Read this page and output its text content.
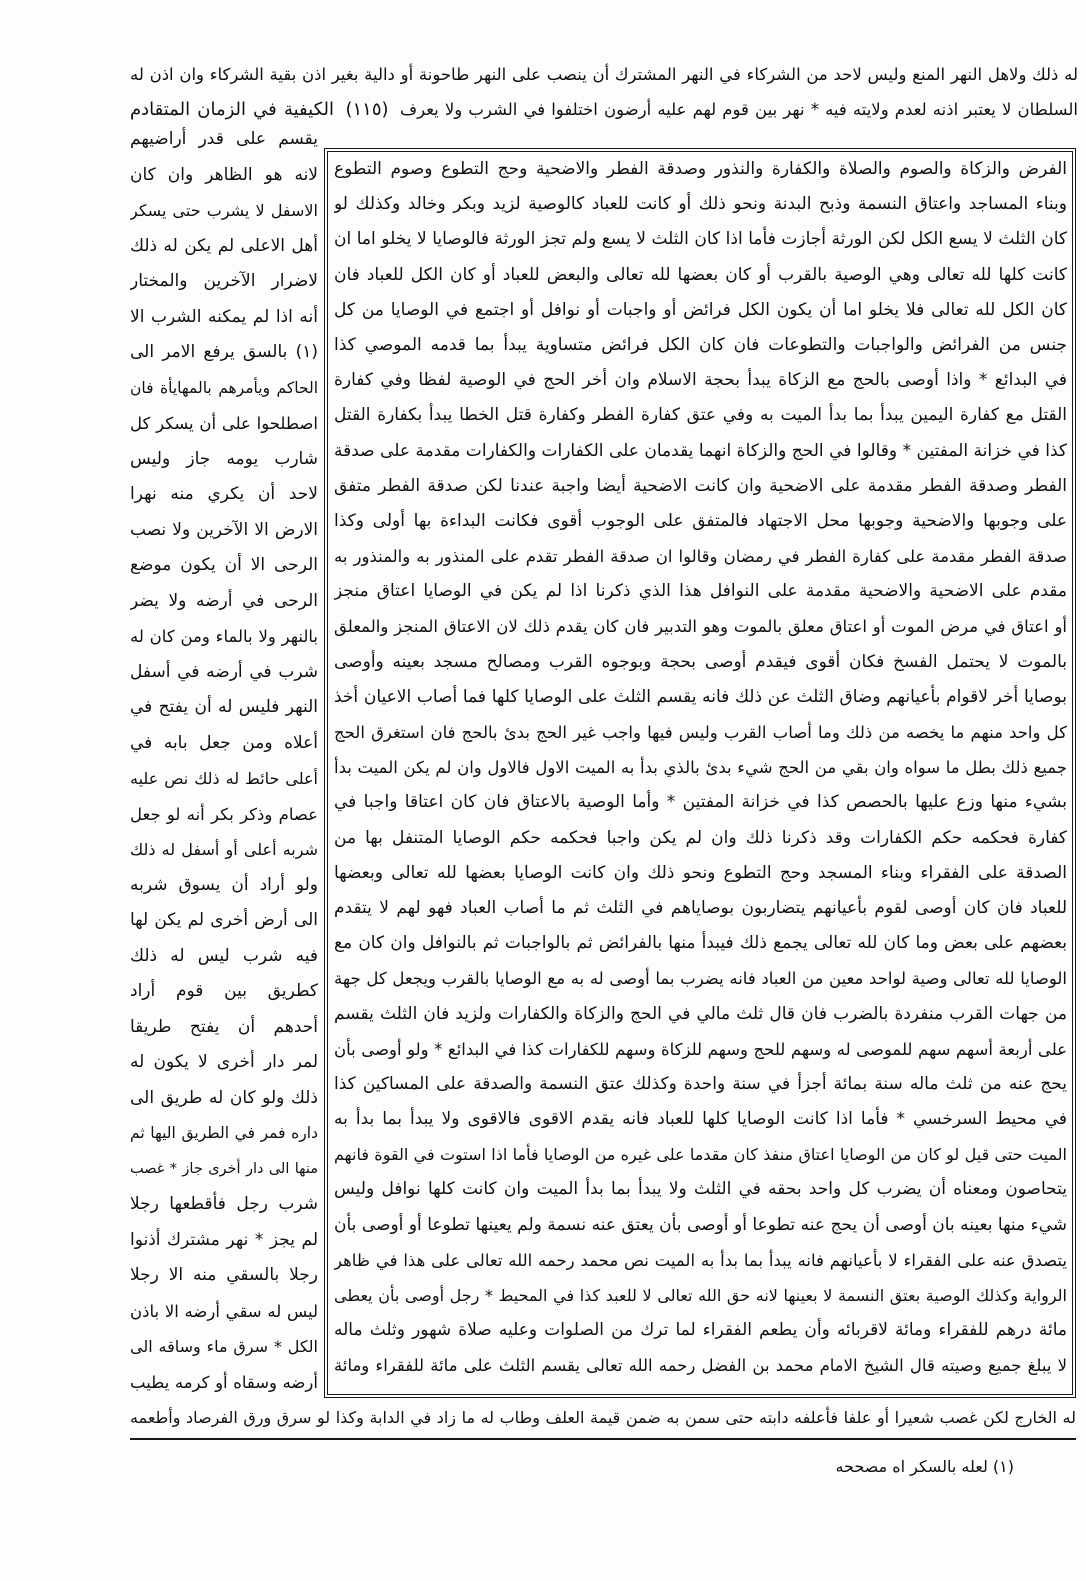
له ذلك ولاهل النهر المنع وليس لاحد من الشركاء في النهر المشترك أن ينصب على النهر طاحونة أو دالية بغير اذن بقية الشركاء وان اذن له
السلطان لا يعتبر اذنه لعدم ولايته فيه * نهر بين قوم لهم عليه أرضون اختلفوا في الشرب ولا يعرف
(١١٥)
الكيفية في الزمان المتقادم
الفرض والزكاة والصوم والصلاة والكفارة والنذور وصدقة الفطر والاضحية وحج التطوع وصوم التطوع
وبناء المساجد واعتاق النسمة وذبح البدنة ونحو ذلك أو كانت للعباد كالوصية لزيد وبكر وخالد وكذلك لو
كان الثلث لا يسع الكل لكن الورثة أجازت فأما اذا كان الثلث لا يسع ولم تجز الورثة فالوصايا لا يخلو اما ان
كانت كلها لله تعالى وهي الوصية بالقرب أو كان بعضها لله تعالى والبعض للعباد أو كان الكل للعباد فان
كان الكل لله تعالى فلا يخلو اما أن يكون الكل فرائض أو واجبات أو نوافل أو اجتمع في الوصايا من كل
جنس من الفرائض والواجبات والتطوعات فان كان الكل فرائض متساوية يبدأ بما قدمه الموصي كذا
في البدائع * واذا أوصى بالحج مع الزكاة يبدأ بحجة الاسلام وان أخر الحج في الوصية لفظا وفي كفارة
القتل مع كفارة اليمين يبدأ بما بدأ الميت به وفي عتق كفارة الفطر وكفارة قتل الخطا يبدأ بكفارة القتل
كذا في خزانة المفتين * وقالوا في الحج والزكاة انهما يقدمان على الكفارات والكفارات مقدمة على صدقة
الفطر وصدقة الفطر مقدمة على الاضحية وان كانت الاضحية أيضا واجبة عندنا لكن صدقة الفطر متفق
على وجوبها والاضحية وجوبها محل الاجتهاد فالمتفق على الوجوب أقوى فكانت البداءة بها أولى وكذا
صدقة الفطر مقدمة على كفارة الفطر في رمضان وقالوا ان صدقة الفطر تقدم على المنذور به والمنذور به
مقدم على الاضحية والاضحية مقدمة على النوافل هذا الذي ذكرنا اذا لم يكن في الوصايا اعتاق منجز
أو اعتاق في مرض الموت أو اعتاق معلق بالموت وهو التدبير فان كان يقدم ذلك لان الاعتاق المنجز والمعلق
بالموت لا يحتمل الفسخ فكان أقوى فيقدم أوصى بحجة وبوجوه القرب ومصالح مسجد بعينه وأوصى
بوصايا أخر لاقوام بأعيانهم وضاق الثلث عن ذلك فانه يقسم الثلث على الوصايا كلها فما أصاب الاعيان أخذ
كل واحد منهم ما يخصه من ذلك وما أصاب القرب وليس فيها واجب غير الحج بدئ بالحج فان استغرق الحج
جميع ذلك بطل ما سواه وان بقي من الحج شيء بدئ بالذي بدأ به الميت الاول فالاول وان لم يكن الميت بدأ
بشيء منها وزع عليها بالحصص كذا في خزانة المفتين * وأما الوصية بالاعتاق فان كان اعتاقا واجبا في
كفارة فحكمه حكم الكفارات وقد ذكرنا ذلك وان لم يكن واجبا فحكمه حكم الوصايا المتنفل بها من
الصدقة على الفقراء وبناء المسجد وحج التطوع ونحو ذلك وان كانت الوصايا بعضها لله تعالى وبعضها
للعباد فان كان أوصى لقوم بأعيانهم يتضاربون بوصاياهم في الثلث ثم ما أصاب العباد فهو لهم لا يتقدم
بعضهم على بعض وما كان لله تعالى يجمع ذلك فيبدأ منها بالفرائض ثم بالواجبات ثم بالنوافل وان كان مع
الوصايا لله تعالى وصية لواحد معين من العباد فانه يضرب بما أوصى له به مع الوصايا بالقرب ويجعل كل جهة
من جهات القرب منفردة بالضرب فان قال ثلث مالي في الحج والزكاة والكفارات ولزيد فان الثلث يقسم
على أربعة أسهم سهم للموصى له وسهم للحج وسهم للزكاة وسهم للكفارات كذا في البدائع * ولو أوصى بأن
يحج عنه من ثلث ماله سنة بمائة أجزأ في سنة واحدة وكذلك عتق النسمة والصدقة على المساكين كذا
في محيط السرخسي * فأما اذا كانت الوصايا كلها للعباد فانه يقدم الاقوى فالاقوى ولا يبدأ بما بدأ به
الميت حتى قيل لو كان من الوصايا اعتاق منفذ كان مقدما على غيره من الوصايا فأما اذا استوت في القوة فانهم
يتحاصون ومعناه أن يضرب كل واحد بحقه في الثلث ولا يبدأ بما بدأ الميت وان كانت كلها نوافل وليس
شيء منها بعينه بان أوصى أن يحج عنه تطوعا أو أوصى بأن يعتق عنه نسمة ولم يعينها تطوعا أو أوصى بأن
يتصدق عنه على الفقراء لا بأعيانهم فانه يبدأ بما بدأ به الميت نص محمد رحمه الله تعالى على هذا في ظاهر
الرواية وكذلك الوصية بعتق النسمة لا بعينها لانه حق الله تعالى لا للعبد كذا في المحيط * رجل أوصى بأن يعطى
مائة درهم للفقراء ومائة لاقربائه وأن يطعم الفقراء لما ترك من الصلوات وعليه صلاة شهور وثلث ماله
لا يبلغ جميع وصيته قال الشيخ الامام محمد بن الفضل رحمه الله تعالى يقسم الثلث على مائة للفقراء ومائة
يقسم على قدر أراضيهم
لانه هو الظاهر وان كان
الاسفل لا يشرب حتى يسكر
أهل الاعلى لم يكن له ذلك
لاضرار الآخرين والمختار
أنه اذا لم يمكنه الشرب الا
(١) بالسق يرفع الامر الى
الحاكم ويأمرهم بالمهايأة فان
اصطلحوا على أن يسكر كل
شارب يومه جاز وليس
لاحد أن يكري منه نهرا
الارض الا الآخرين ولا نصب
الرحى الا أن يكون موضع
الرحى في أرضه ولا يضر
بالنهر ولا بالماء ومن كان له
شرب في أرضه في أسفل
النهر فليس له أن يفتح في
أعلاه ومن جعل بابه في
أعلى حائط له ذلك نص عليه
عصام وذكر بكر أنه لو جعل
شربه أعلى أو أسفل له ذلك
ولو أراد أن يسوق شربه
الى أرض أخرى لم يكن لها
فيه شرب ليس له ذلك
كطريق بين قوم أراد
أحدهم أن يفتح طريقا
لمر دار أخرى لا يكون له
ذلك ولو كان له طريق الى
داره فمر في الطريق اليها ثم
منها الى دار أخرى جاز * غصب
شرب رجل فأقطعها رجلا
لم يجز * نهر مشترك أذنوا
رجلا بالسقي منه الا رجلا
ليس له سقي أرضه الا باذن
الكل * سرق ماء وساقه الى
أرضه وسقاه أو كرمه يطيب
له الخارج لكن غصب شعيرا أو علفا فأعلفه دابته حتى سمن به ضمن قيمة العلف وطاب له ما زاد في الدابة وكذا لو سرق ورق الفرصاد وأطعمه
(١) لعله بالسكر اه مصححه
